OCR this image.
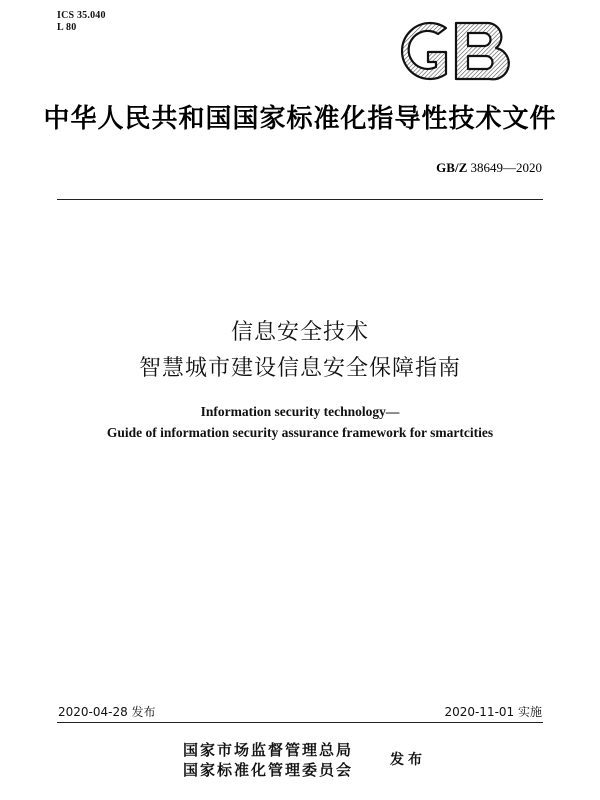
ICS 35.040
L 80
中华人民共和国国家标准化指导性技术文件
GB/Z 38649—2020
信息安全技术
智慧城市建设信息安全保障指南
Information security technology—
Guide of information security assurance framework for smartcities
2020-04-28 发布	2020-11-01 实施
国家市场监督管理总局
国家标准化管理委员会
发布
